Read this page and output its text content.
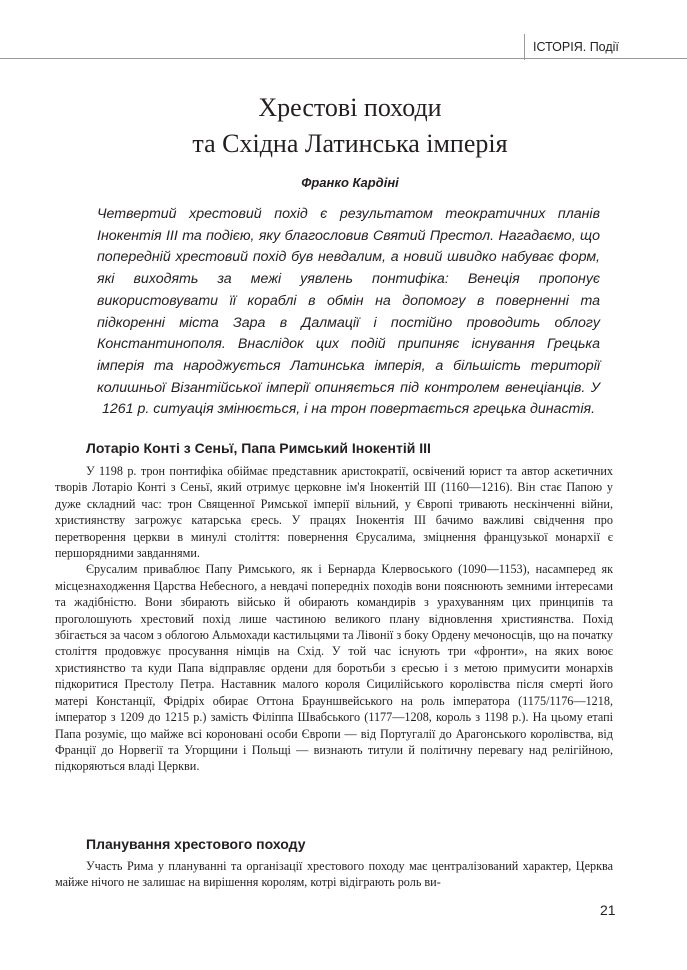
ІСТОРІЯ. Події
Хрестові походи
та Східна Латинська імперія
Франко Кардіні
Четвертий хрестовий похід є результатом теократичних планів Інокентія III та подією, яку благословив Святий Престол. Нагадаємо, що попередній хрестовий похід був невдалим, а новий швидко набуває форм, які виходять за межі уявлень понтифіка: Венеція пропонує використовувати її кораблі в обмін на допомогу в поверненні та підкоренні міста Зара в Далмації і постійно проводить облогу Константинополя. Внаслідок цих подій припиняє існування Грецька імперія та народжується Латинська імперія, а більшість території колишньої Візантійської імперії опиняється під контролем венеціанців. У 1261 р. ситуація змінюється, і на трон повертається грецька династія.
Лотаріо Конті з Сеньї, Папа Римський Інокентій III

У 1198 р. трон понтифіка обіймає представник аристократії, освічений юрист та автор аскетичних творів Лотаріо Конті з Сеньї, який отримує церковне ім'я Інокентій III (1160—1216). Він стає Папою у дуже складний час: трон Священної Римської імперії вільний, у Європі тривають нескінченні війни, християнству загрожує катарська єресь. У працях Інокентія III бачимо важливі свідчення про перетворення церкви в минулі століття: повернення Єрусалима, зміцнення французької монархії є першорядними завданнями.

Єрусалим приваблює Папу Римського, як і Бернарда Клервоського (1090—1153), насамперед як місцезнаходження Царства Небесного, а невдачі попередніх походів вони пояснюють земними інтересами та жадібністю. Вони збирають військо й обирають командирів з урахуванням цих принципів та проголошують хрестовий похід лише частиною великого плану відновлення християнства. Похід збігається за часом з облогою Альмохади кастильцями та Лівонії з боку Ордену мечоносців, що на початку століття продовжує просування німців на Схід. У той час існують три «фронти», на яких воює християнство та куди Папа відправляє ордени для боротьби з єресью і з метою примусити монархів підкоритися Престолу Петра. Наставник малого короля Сицилійського королівства після смерті його матері Констанції, Фрідріх обирає Оттона Брауншвейського на роль імператора (1175/1176—1218, імператор з 1209 до 1215 р.) замість Філіппа Швабського (1177—1208, король з 1198 р.). На цьому етапі Папа розуміє, що майже всі короновані особи Європи — від Португалії до Арагонського королівства, від Франції до Норвегії та Угорщини і Польщі — визнають титули й політичну перевагу над релігійною, підкоряються владі Церкви.

Планування хрестового походу

Участь Рима у плануванні та організації хрестового походу має централізований характер, Церква майже нічого не залишає на вирішення королям, котрі відіграють роль ви-

21
